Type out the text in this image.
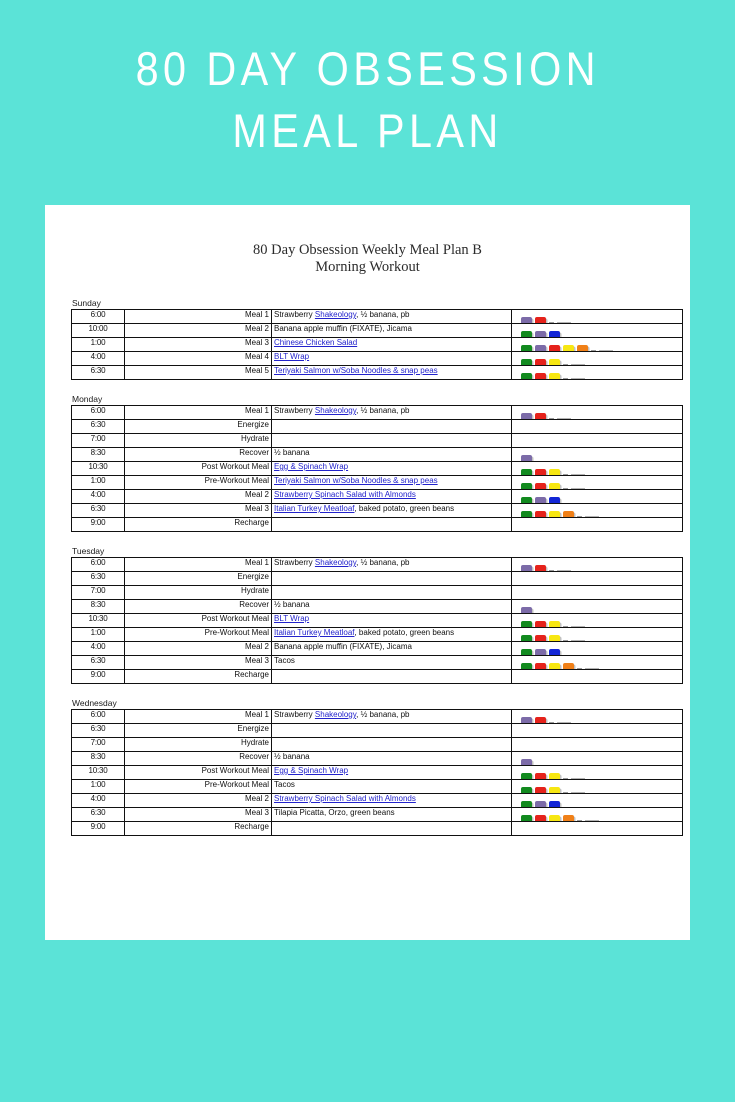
80 DAY OBSESSION
MEAL PLAN
80 Day Obsession Weekly Meal Plan B
Morning Workout
Sunday
6:00	Meal 1	Strawberry Shakeology, ½ banana, pb	

10:00	Meal 2	Banana apple muffin (FIXATE), Jicama	

1:00	Meal 3	Chinese Chicken Salad	

4:00	Meal 4	BLT Wrap	

6:30	Meal 5	Teriyaki Salmon w/Soba Noodles & snap peas	
Monday
6:00	Meal 1	Strawberry Shakeology, ½ banana, pb	

6:30	Energize		
7:00	Hydrate		
8:30	Recover	½ banana	

10:30	Post Workout Meal	Egg & Spinach Wrap	

1:00	Pre-Workout Meal	Teriyaki Salmon w/Soba Noodles & snap peas	

4:00	Meal 2	Strawberry Spinach Salad with Almonds	

6:30	Meal 3	Italian Turkey Meatloaf, baked potato, green beans	

9:00	Recharge		
Tuesday
6:00	Meal 1	Strawberry Shakeology, ½ banana, pb	

6:30	Energize		
7:00	Hydrate		
8:30	Recover	½ banana	

10:30	Post Workout Meal	BLT Wrap	

1:00	Pre-Workout Meal	Italian Turkey Meatloaf, baked potato, green beans	

4:00	Meal 2	Banana apple muffin (FIXATE), Jicama	

6:30	Meal 3	Tacos	

9:00	Recharge		
Wednesday
6:00	Meal 1	Strawberry Shakeology, ½ banana, pb	

6:30	Energize		
7:00	Hydrate		
8:30	Recover	½ banana	

10:30	Post Workout Meal	Egg & Spinach Wrap	

1:00	Pre-Workout Meal	Tacos	

4:00	Meal 2	Strawberry Spinach Salad with Almonds	

6:30	Meal 3	Tilapia Picatta, Orzo, green beans	

9:00	Recharge		
